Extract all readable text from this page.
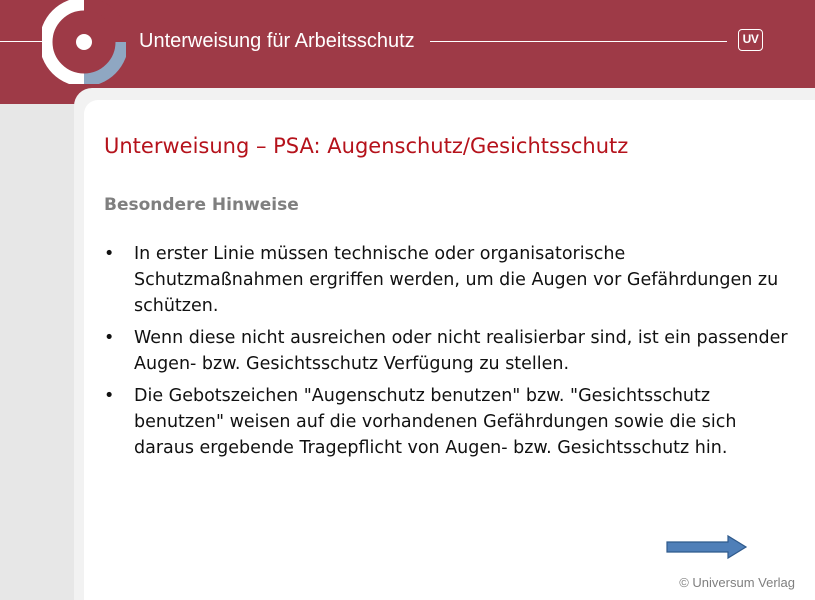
Unterweisung für Arbeitsschutz	UV
Unterweisung – PSA: Augenschutz/Gesichtsschutz
Besondere Hinweise
• In erster Linie müssen technische oder organisatorische Schutzmaßnahmen ergriffen werden, um die Augen vor Gefährdungen zu schützen.
• Wenn diese nicht ausreichen oder nicht realisierbar sind, ist ein passender Augen- bzw. Gesichtsschutz Verfügung zu stellen.
• Die Gebotszeichen "Augenschutz benutzen" bzw. "Gesichtsschutz benutzen" weisen auf die vorhandenen Gefährdungen sowie die sich daraus ergebende Tragepflicht von Augen- bzw. Gesichtsschutz hin.
© Universum Verlag
